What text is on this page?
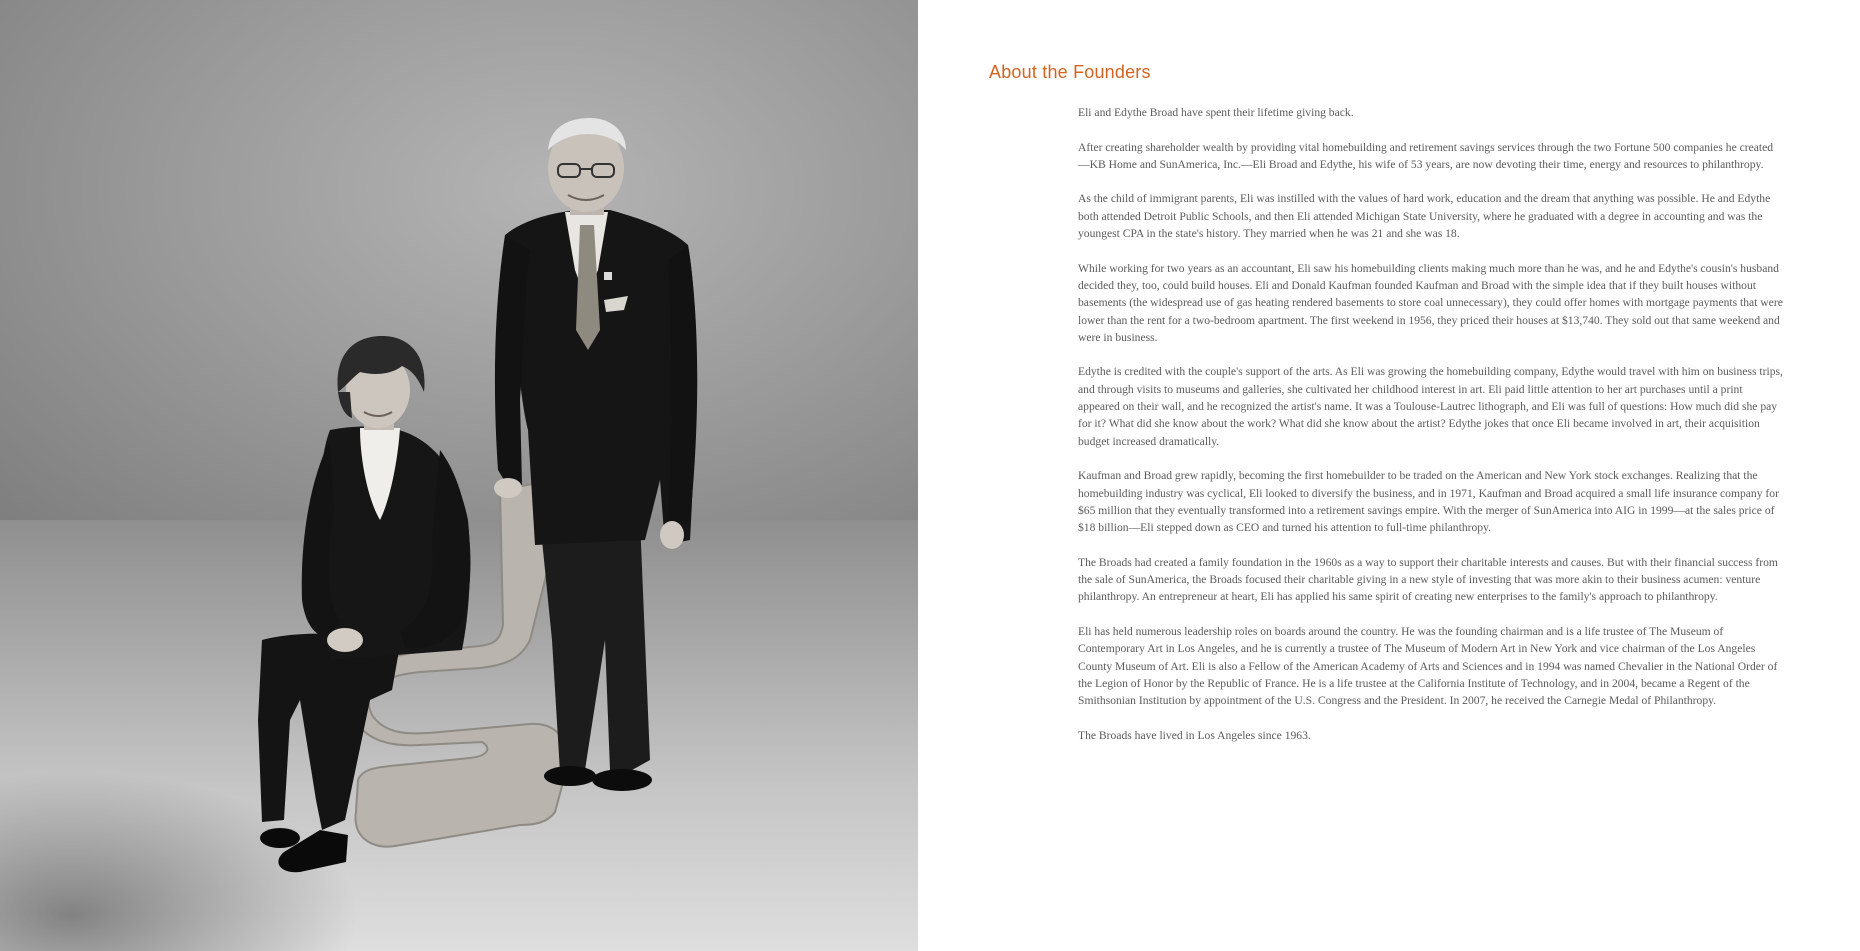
About the Founders

Eli and Edythe Broad have spent their lifetime giving back.

After creating shareholder wealth by providing vital homebuilding and retirement savings services through the two Fortune 500 companies he created—KB Home and SunAmerica, Inc.—Eli Broad and Edythe, his wife of 53 years, are now devoting their time, energy and resources to philanthropy.

As the child of immigrant parents, Eli was instilled with the values of hard work, education and the dream that anything was possible. He and Edythe both attended Detroit Public Schools, and then Eli attended Michigan State University, where he graduated with a degree in accounting and was the youngest CPA in the state's history. They married when he was 21 and she was 18.

While working for two years as an accountant, Eli saw his homebuilding clients making much more than he was, and he and Edythe's cousin's husband decided they, too, could build houses. Eli and Donald Kaufman founded Kaufman and Broad with the simple idea that if they built houses without basements (the widespread use of gas heating rendered basements to store coal unnecessary), they could offer homes with mortgage payments that were lower than the rent for a two-bedroom apartment. The first weekend in 1956, they priced their houses at $13,740. They sold out that same weekend and were in business.

Edythe is credited with the couple's support of the arts. As Eli was growing the homebuilding company, Edythe would travel with him on business trips, and through visits to museums and galleries, she cultivated her childhood interest in art. Eli paid little attention to her art purchases until a print appeared on their wall, and he recognized the artist's name. It was a Toulouse-Lautrec lithograph, and Eli was full of questions: How much did she pay for it? What did she know about the work? What did she know about the artist? Edythe jokes that once Eli became involved in art, their acquisition budget increased dramatically.

Kaufman and Broad grew rapidly, becoming the first homebuilder to be traded on the American and New York stock exchanges. Realizing that the homebuilding industry was cyclical, Eli looked to diversify the business, and in 1971, Kaufman and Broad acquired a small life insurance company for $65 million that they eventually transformed into a retirement savings empire. With the merger of SunAmerica into AIG in 1999—at the sales price of $18 billion—Eli stepped down as CEO and turned his attention to full-time philanthropy.

The Broads had created a family foundation in the 1960s as a way to support their charitable interests and causes. But with their financial success from the sale of SunAmerica, the Broads focused their charitable giving in a new style of investing that was more akin to their business acumen: venture philanthropy. An entrepreneur at heart, Eli has applied his same spirit of creating new enterprises to the family's approach to philanthropy.

Eli has held numerous leadership roles on boards around the country. He was the founding chairman and is a life trustee of The Museum of Contemporary Art in Los Angeles, and he is currently a trustee of The Museum of Modern Art in New York and vice chairman of the Los Angeles County Museum of Art. Eli is also a Fellow of the American Academy of Arts and Sciences and in 1994 was named Chevalier in the National Order of the Legion of Honor by the Republic of France. He is a life trustee at the California Institute of Technology, and in 2004, became a Regent of the Smithsonian Institution by appointment of the U.S. Congress and the President. In 2007, he received the Carnegie Medal of Philanthropy.

The Broads have lived in Los Angeles since 1963.
